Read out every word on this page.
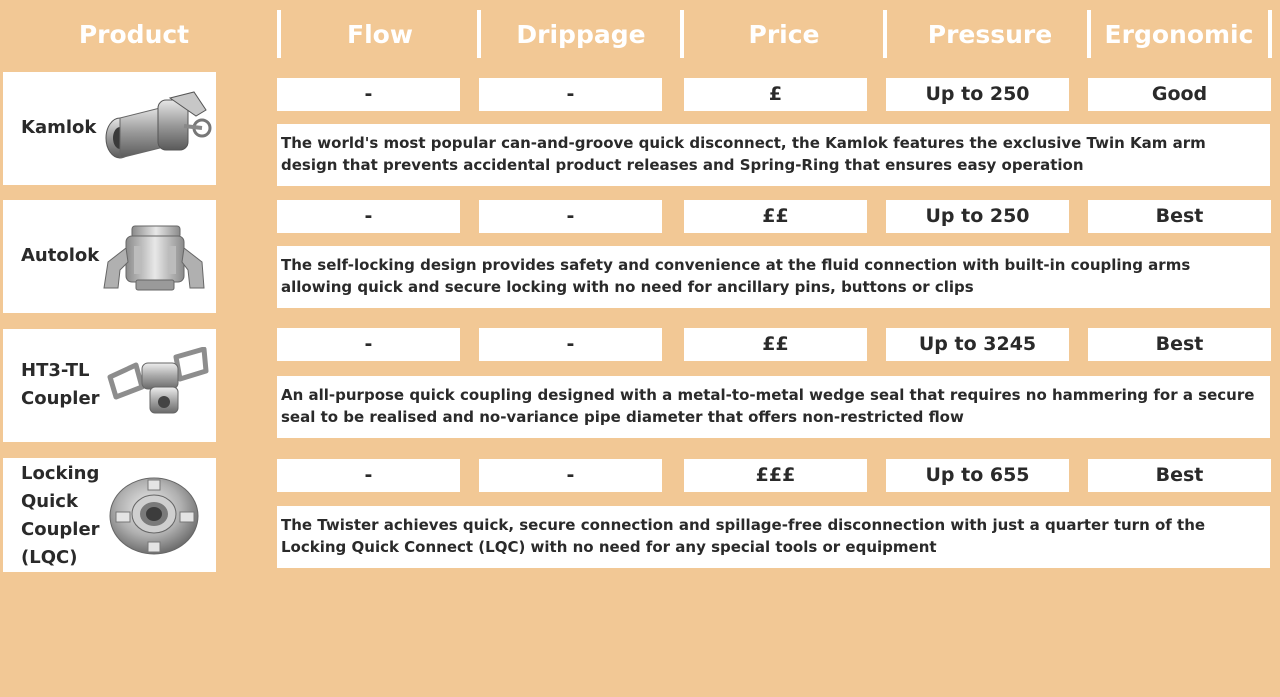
Product	Flow	Drippage	Price	Pressure	Ergonomic
Kamlok
-	-	£	Up to 250	Good
The world's most popular can-and-groove quick disconnect, the Kamlok features the exclusive Twin Kam arm design that prevents accidental product releases and Spring-Ring that ensures easy operation
Autolok
-	-	££	Up to 250	Best
The self-locking design provides safety and convenience at the fluid connection with built-in coupling arms allowing quick and secure locking with no need for ancillary pins, buttons or clips
HT3-TL
Coupler
-	-	££	Up to 3245	Best
An all-purpose quick coupling designed with a metal-to-metal wedge seal that requires no hammering for a secure seal to be realised and no-variance pipe diameter that offers non-restricted flow
Locking
Quick
Coupler
(LQC)
-	-	£££	Up to 655	Best
The Twister achieves quick, secure connection and spillage-free disconnection with just a quarter turn of the Locking Quick Connect (LQC) with no need for any special tools or equipment
